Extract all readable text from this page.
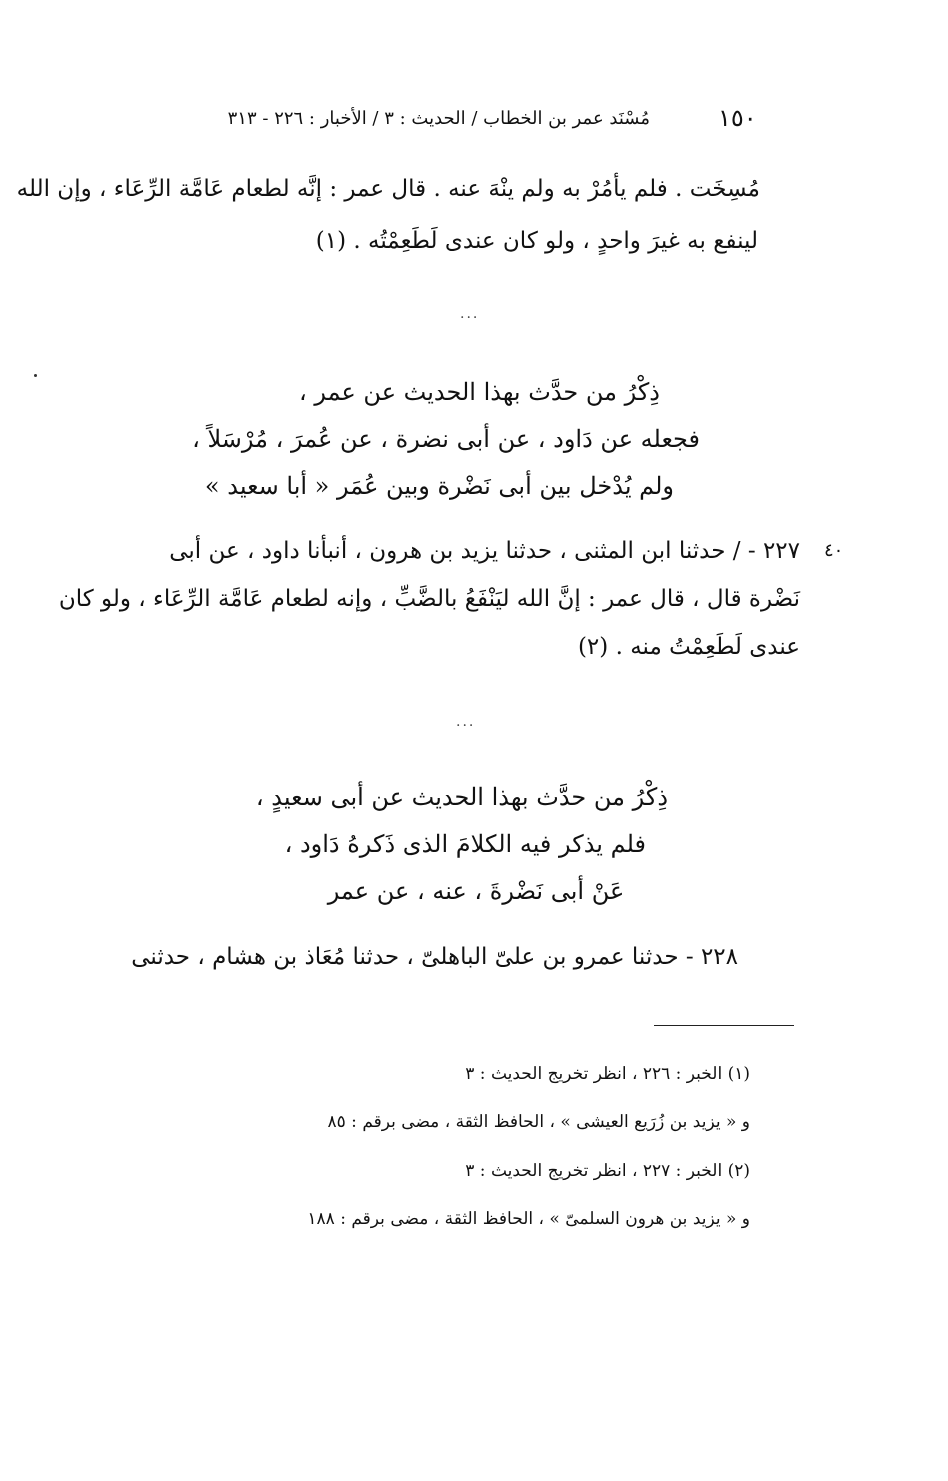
١٥٠
مُسْنَد عمر بن الخطاب / الحديث : ٣ / الأخبار : ٢٢٦ - ٣١٣
مُسِخَت . فلم يأمُرْ به ولم ينْهَ عنه . قال عمر : إنَّه لطعام عَامَّة الرِّعَاء ، وإن الله
لينفع به غيرَ واحدٍ ، ولو كان عندى لَطَعِمْتُه . (١)
...
ذِكْرُ من حدَّث بهذا الحديث عن عمر ،
فجعله عن دَاود ، عن أبى نضرة ، عن عُمرَ ، مُرْسَلاً ،
ولم يُدْخل بين أبى نَضْرة وبين عُمَر « أبا سعيد »
٤٠
٢٢٧ - / حدثنا ابن المثنى ، حدثنا يزيد بن هرون ، أنبأنا داود ، عن أبى
نَضْرة قال ، قال عمر : إنَّ الله ليَنْفَعُ بالضَّبِّ ، وإنه لطعام عَامَّة الرِّعَاء ، ولو كان
عندى لَطَعِمْتُ منه . (٢)
...
ذِكْرُ من حدَّث بهذا الحديث عن أبى سعيدٍ ،
فلم يذكر فيه الكلامَ الذى ذَكرهُ دَاود ،
عَنْ أبى نَضْرةَ ، عنه ، عن عمر
٢٢٨ - حدثنا عمرو بن علىّ الباهلىّ ، حدثنا مُعَاذ بن هشام ، حدثنى
(١) الخبر : ٢٢٦ ، انظر تخريج الحديث : ٣
و « يزيد بن زُرَيع العيشى » ، الحافظ الثقة ، مضى برقم : ٨٥
(٢) الخبر : ٢٢٧ ، انظر تخريج الحديث : ٣
و « يزيد بن هرون السلمىّ » ، الحافظ الثقة ، مضى برقم : ١٨٨
